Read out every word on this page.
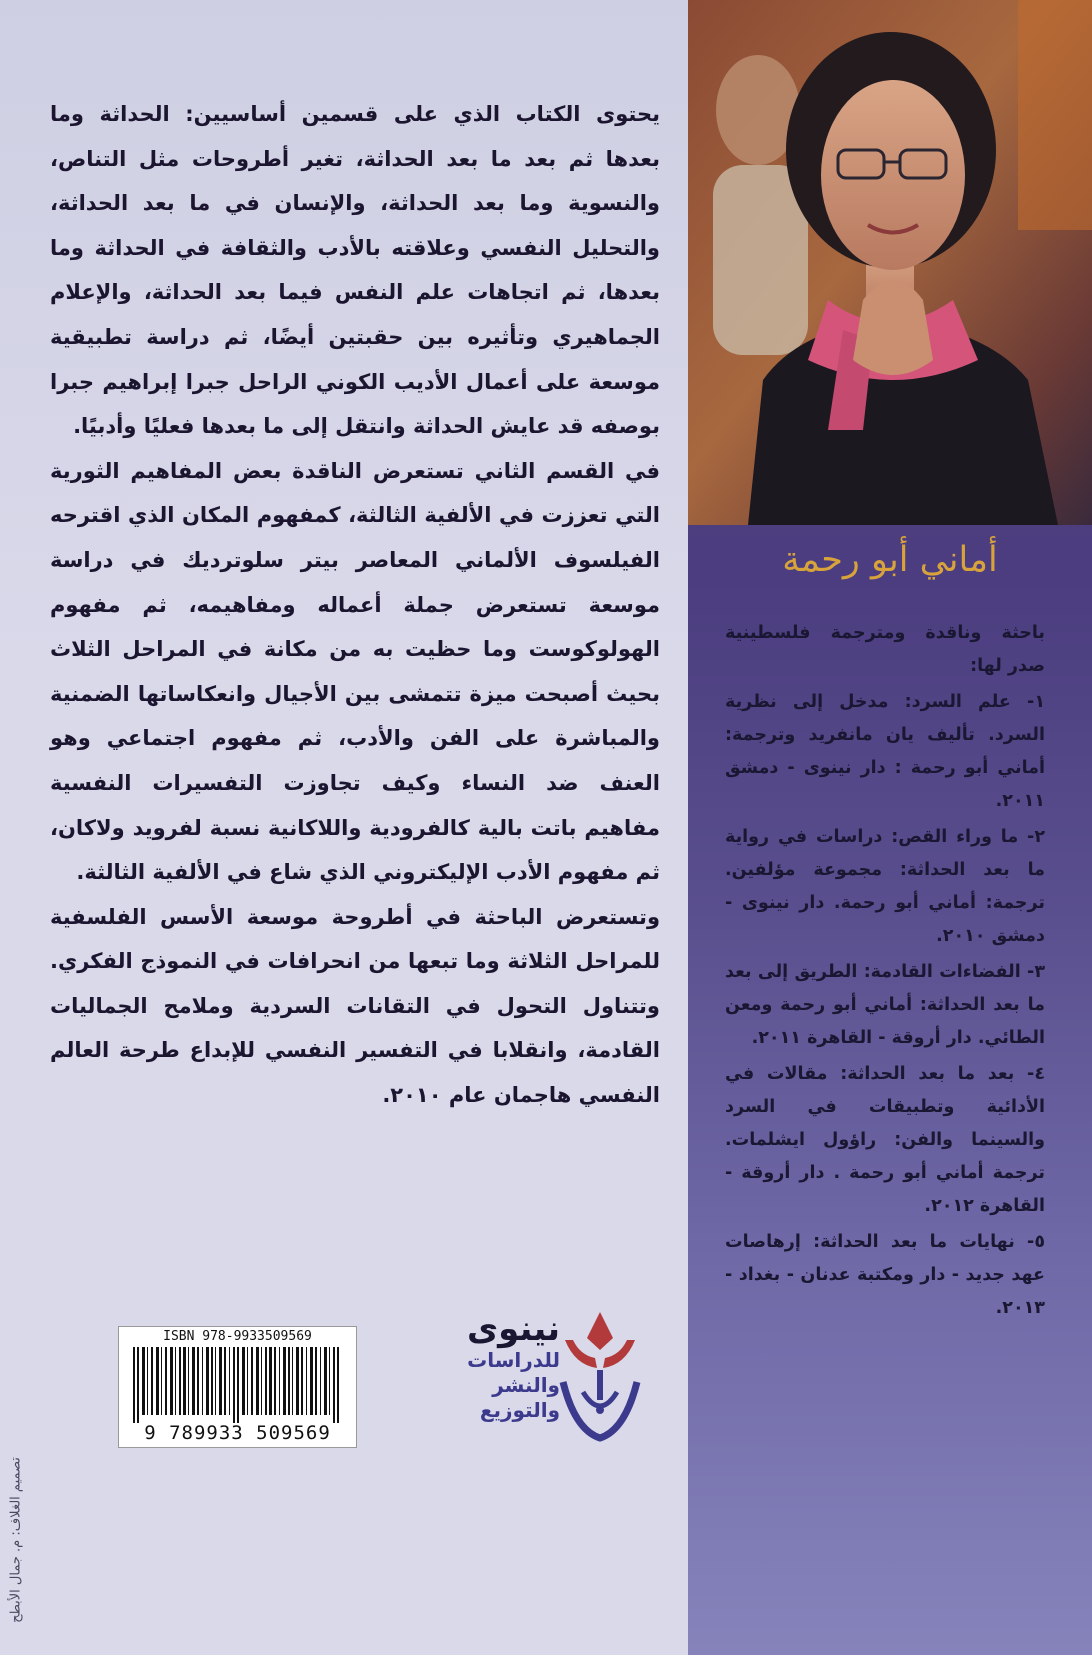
يحتوى الكتاب الذي على قسمين أساسيين: الحداثة وما بعدها ثم بعد ما بعد الحداثة، تغير أطروحات مثل التناص، والنسوية وما بعد الحداثة، والإنسان في ما بعد الحداثة، والتحليل النفسي وعلاقته بالأدب والثقافة في الحداثة وما بعدها، ثم اتجاهات علم النفس فيما بعد الحداثة، والإعلام الجماهيري وتأثيره بين حقبتين أيضًا، ثم دراسة تطبيقية موسعة على أعمال الأديب الكوني الراحل جبرا إبراهيم جبرا بوصفه قد عايش الحداثة وانتقل إلى ما بعدها فعليًا وأدبيًا.

في القسم الثاني تستعرض الناقدة بعض المفاهيم الثورية التي تعززت في الألفية الثالثة، كمفهوم المكان الذي اقترحه الفيلسوف الألماني المعاصر بيتر سلوترديك في دراسة موسعة تستعرض جملة أعماله ومفاهيمه، ثم مفهوم الهولوكوست وما حظيت به من مكانة في المراحل الثلاث بحيث أصبحت ميزة تتمشى بين الأجيال وانعكاساتها الضمنية والمباشرة على الفن والأدب، ثم مفهوم اجتماعي وهو العنف ضد النساء وكيف تجاوزت التفسيرات النفسية مفاهيم باتت بالية كالفرودية واللاكانية نسبة لفرويد ولاكان، ثم مفهوم الأدب الإليكتروني الذي شاع في الألفية الثالثة.

وتستعرض الباحثة في أطروحة موسعة الأسس الفلسفية للمراحل الثلاثة وما تبعها من انحرافات في النموذج الفكري. وتتناول التحول في التقانات السردية وملامح الجماليات القادمة، وانقلابا في التفسير النفسي للإبداع طرحة العالم النفسي هاجمان عام ٢٠١٠.

أماني أبو رحمة

باحثة وناقدة ومترجمة فلسطينية صدر لها:

١- علم السرد: مدخل إلى نظرية السرد. تأليف يان مانفريد وترجمة: أماني أبو رحمة : دار نينوى - دمشق ٢٠١١.

٢- ما وراء القص: دراسات في رواية ما بعد الحداثة: مجموعة مؤلفين. ترجمة: أماني أبو رحمة. دار نينوى - دمشق ٢٠١٠.

٣- الفضاءات القادمة: الطريق إلى بعد ما بعد الحداثة: أماني أبو رحمة ومعن الطائي. دار أروقة - القاهرة ٢٠١١.

٤- بعد ما بعد الحداثة: مقالات في الأدائية وتطبيقات في السرد والسينما والفن: راؤول ايشلمات. ترجمة أماني أبو رحمة . دار أروقة - القاهرة ٢٠١٢.

٥- نهايات ما بعد الحداثة: إرهاصات عهد جديد - دار ومكتبة عدنان - بغداد - ٢٠١٣.

نينوى
للدراسات
والنشر
والتوزيع
ISBN 978-9933509569
9 789933 509569
تصميم الغلاف: م. جمال الأبطح
